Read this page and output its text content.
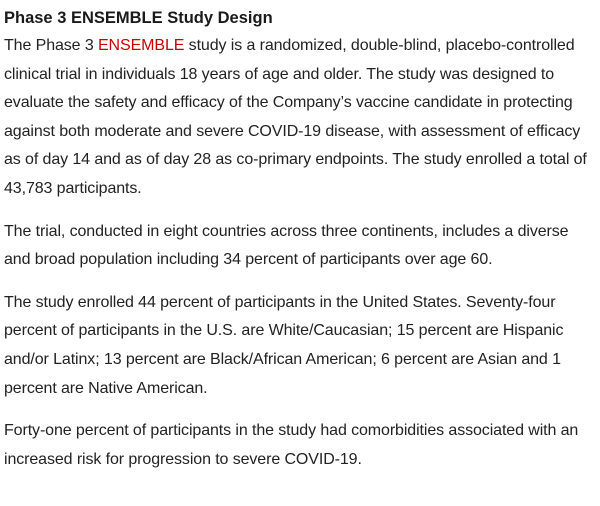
Phase 3 ENSEMBLE Study Design

The Phase 3 ENSEMBLE study is a randomized, double-blind, placebo-controlled clinical trial in individuals 18 years of age and older. The study was designed to evaluate the safety and efficacy of the Company’s vaccine candidate in protecting against both moderate and severe COVID-19 disease, with assessment of efficacy as of day 14 and as of day 28 as co-primary endpoints. The study enrolled a total of 43,783 participants.

The trial, conducted in eight countries across three continents, includes a diverse and broad population including 34 percent of participants over age 60.

The study enrolled 44 percent of participants in the United States. Seventy-four percent of participants in the U.S. are White/Caucasian; 15 percent are Hispanic and/or Latinx; 13 percent are Black/African American; 6 percent are Asian and 1 percent are Native American.

Forty-one percent of participants in the study had comorbidities associated with an increased risk for progression to severe COVID-19.
